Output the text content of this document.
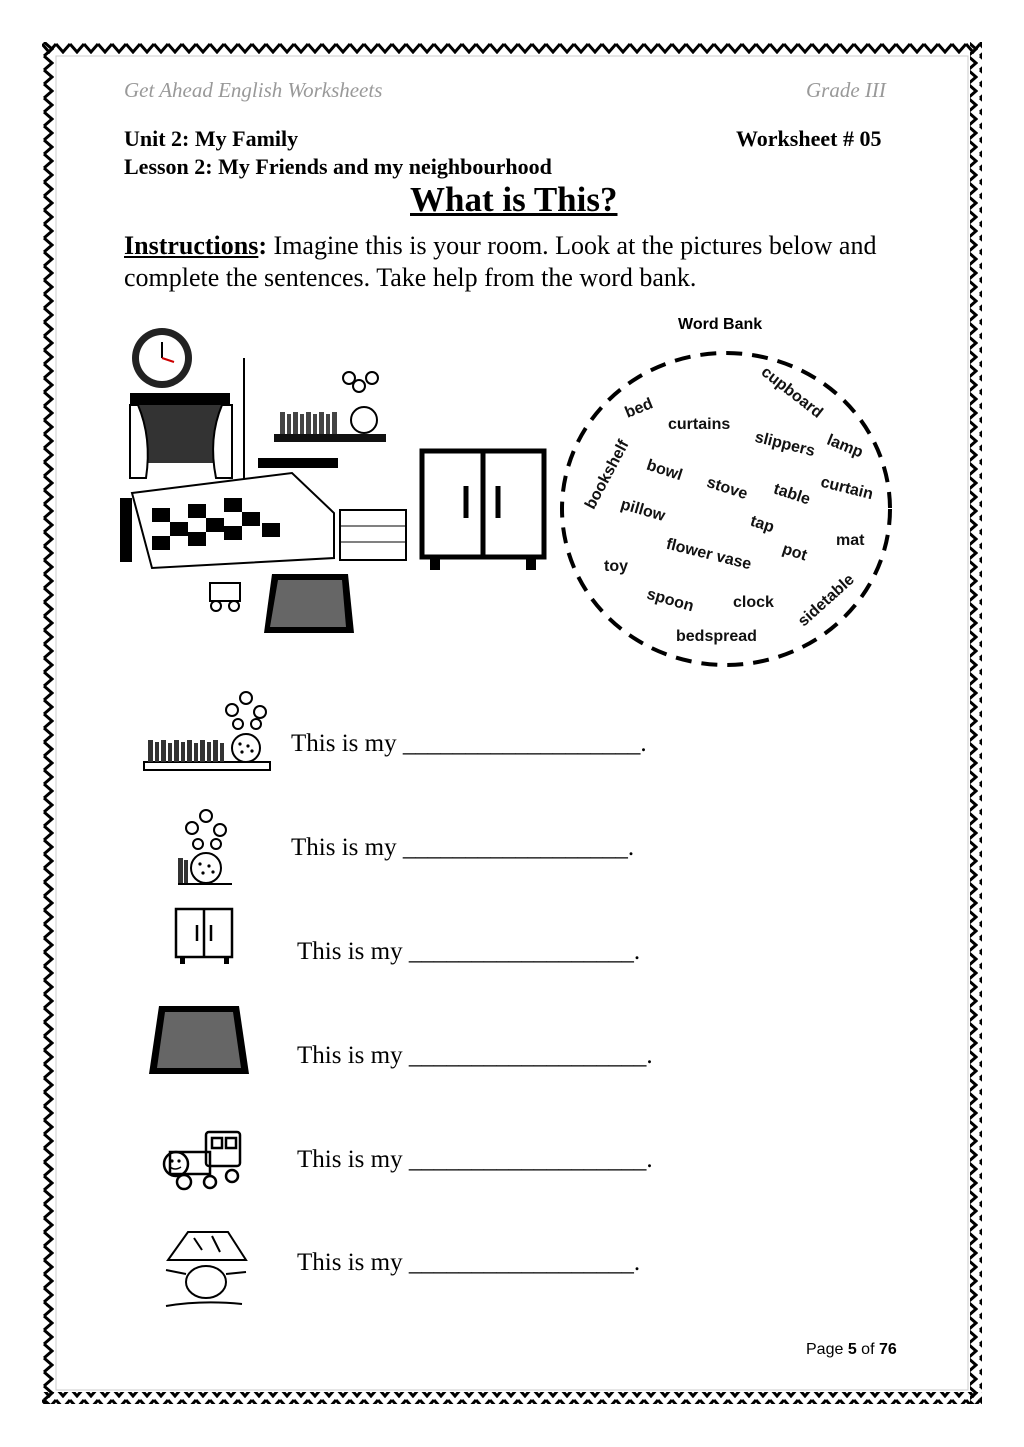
Get Ahead English Worksheets	Grade III
Unit 2: My Family	Worksheet # 05
Lesson 2: My Friends and my neighbourhood
What is This?
Instructions: Imagine this is your room. Look at the pictures below and complete the sentences. Take help from the word bank.
Word Bank
bed
curtains
cupboard
slippers lamp
bookshelf bowl
stove table curtain
pillow	tap
mat
flower vase pot
toy
spoon clock sidetable
bedspread
This is my ___________________.
This is my __________________.
This is my __________________.
This is my ___________________.
This is my ___________________.
This is my __________________.
Page 5 of 76
